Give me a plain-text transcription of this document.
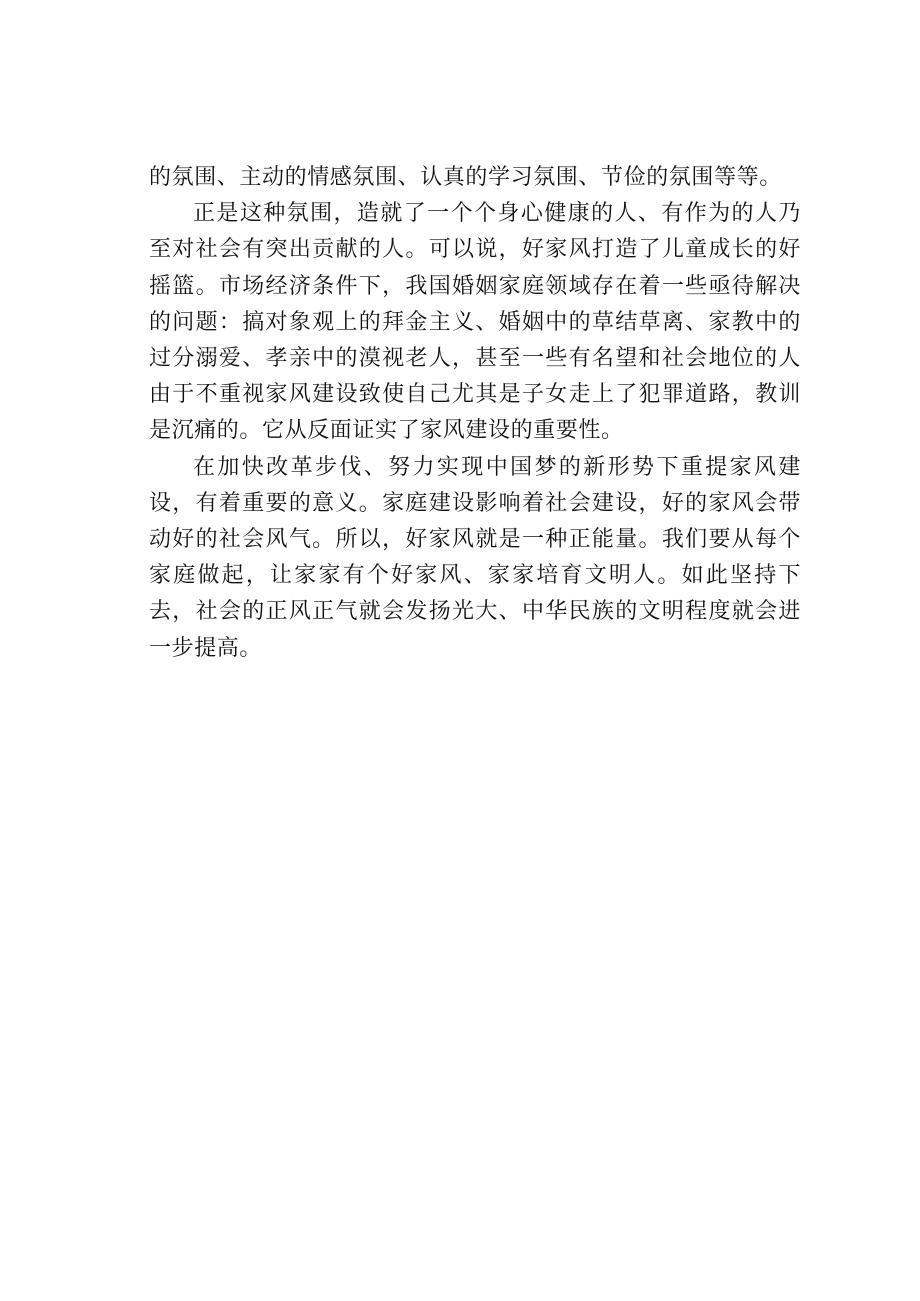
的氛围、主动的情感氛围、认真的学习氛围、节俭的氛围等等。

正是这种氛围，造就了一个个身心健康的人、有作为的人乃至对社会有突出贡献的人。可以说，好家风打造了儿童成长的好摇篮。市场经济条件下，我国婚姻家庭领域存在着一些亟待解决的问题：搞对象观上的拜金主义、婚姻中的草结草离、家教中的过分溺爱、孝亲中的漠视老人，甚至一些有名望和社会地位的人由于不重视家风建设致使自己尤其是子女走上了犯罪道路，教训是沉痛的。它从反面证实了家风建设的重要性。

在加快改革步伐、努力实现中国梦的新形势下重提家风建设，有着重要的意义。家庭建设影响着社会建设，好的家风会带动好的社会风气。所以，好家风就是一种正能量。我们要从每个家庭做起，让家家有个好家风、家家培育文明人。如此坚持下去，社会的正风正气就会发扬光大、中华民族的文明程度就会进一步提高。
